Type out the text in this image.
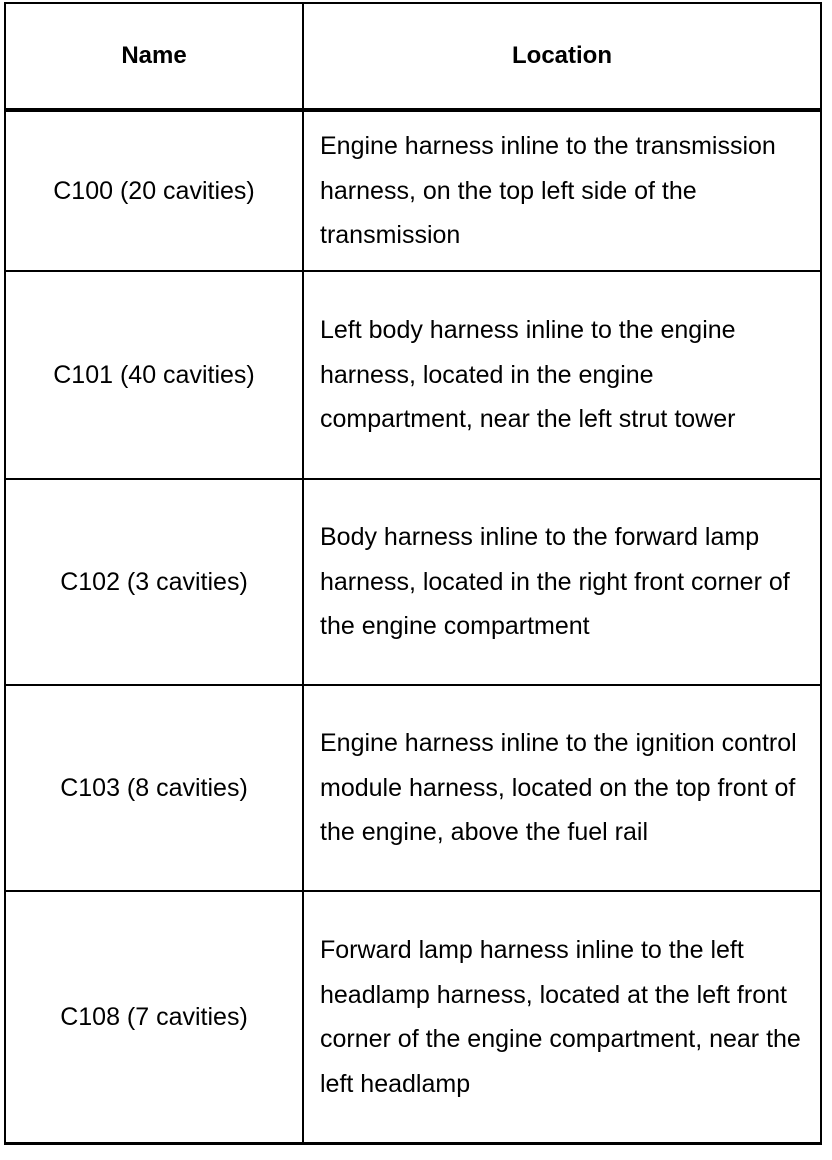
Name	Location
C100 (20 cavities)	Engine harness inline to the transmission harness, on the top left side of the transmission
C101 (40 cavities)	Left body harness inline to the engine harness, located in the engine compartment, near the left strut tower
C102 (3 cavities)	Body harness inline to the forward lamp harness, located in the right front corner of the engine compartment
C103 (8 cavities)	Engine harness inline to the ignition control module harness, located on the top front of the engine, above the fuel rail
C108 (7 cavities)	Forward lamp harness inline to the left headlamp harness, located at the left front corner of the engine compartment, near the left headlamp
